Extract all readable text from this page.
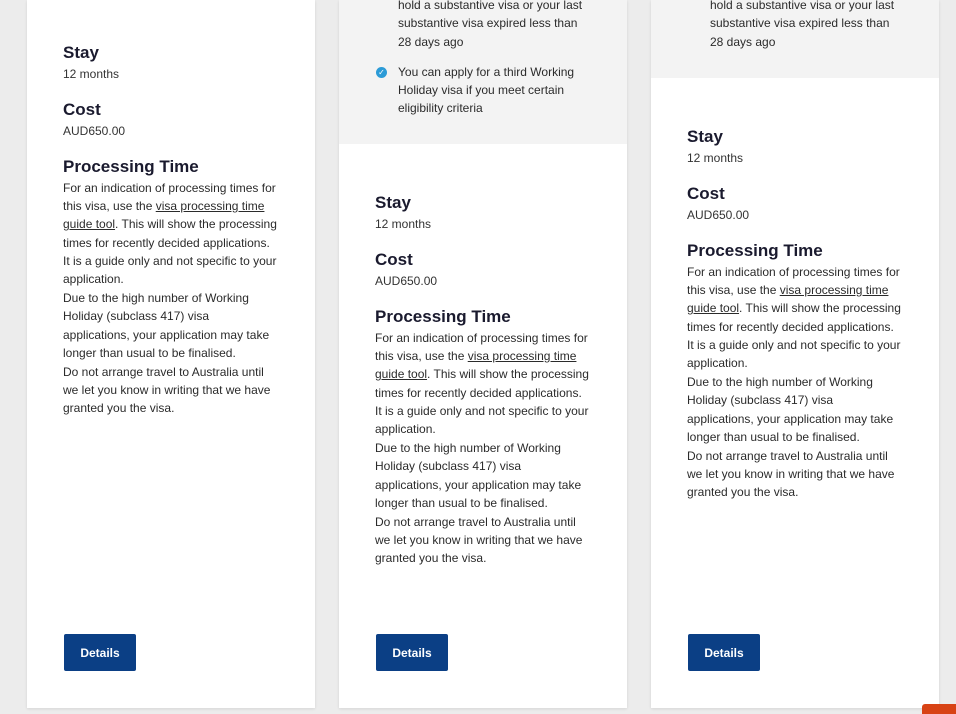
Stay

12 months

Cost

AUD650.00

Processing Time

For an indication of processing times for this visa, use the visa processing time guide tool. This will show the processing times for recently decided applications. It is a guide only and not specific to your application.

Due to the high number of Working Holiday (subclass 417) visa applications, your application may take longer than usual to be finalised.

Do not arrange travel to Australia until we let you know in writing that we have granted you the visa.

Details
hold a substantive visa or your last substantive visa expired less than 28 days ago
✓ You can apply for a third Working Holiday visa if you meet certain eligibility criteria

Stay

12 months

Cost

AUD650.00

Processing Time

For an indication of processing times for this visa, use the visa processing time guide tool. This will show the processing times for recently decided applications. It is a guide only and not specific to your application.

Due to the high number of Working Holiday (subclass 417) visa applications, your application may take longer than usual to be finalised.

Do not arrange travel to Australia until we let you know in writing that we have granted you the visa.

Details
hold a substantive visa or your last substantive visa expired less than 28 days ago

Stay

12 months

Cost

AUD650.00

Processing Time

For an indication of processing times for this visa, use the visa processing time guide tool. This will show the processing times for recently decided applications. It is a guide only and not specific to your application.

Due to the high number of Working Holiday (subclass 417) visa applications, your application may take longer than usual to be finalised.

Do not arrange travel to Australia until we let you know in writing that we have granted you the visa.

Details
